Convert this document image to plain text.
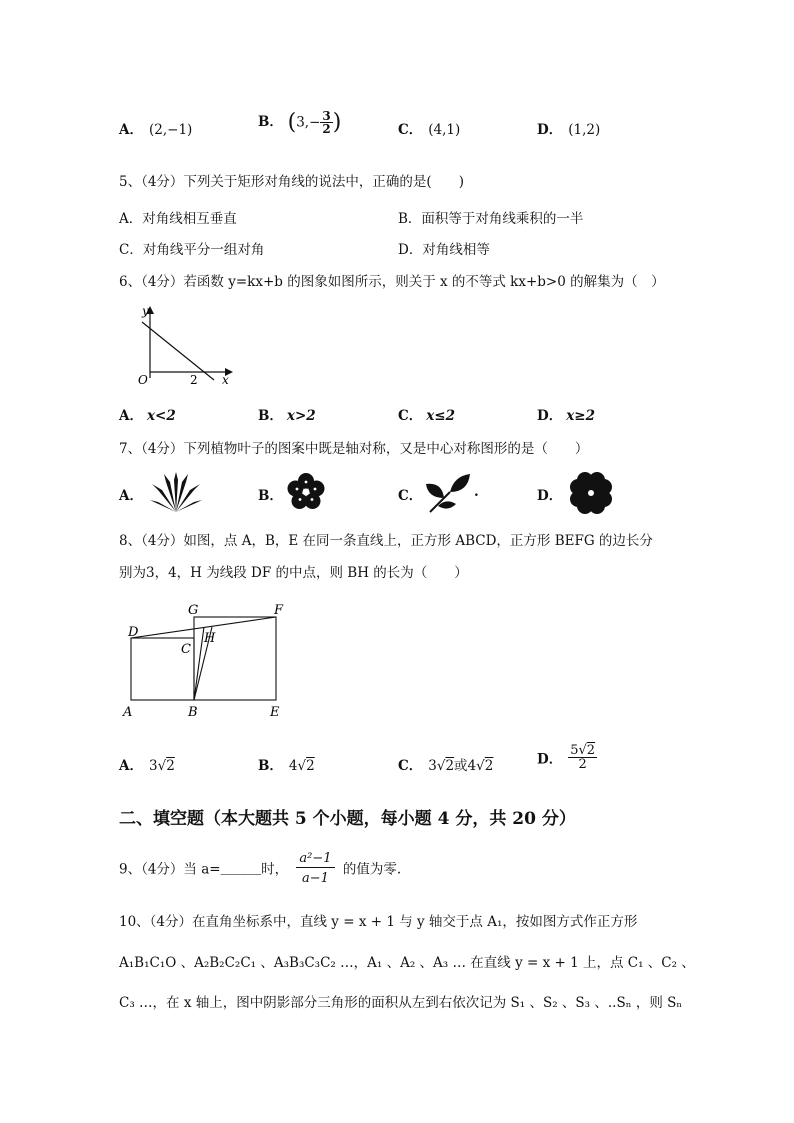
A． (2,−1)	B． ($3,- \frac{3}{2}$ )	C． (4,1)	D． (1,2)
5、（4分）下列关于矩形对角线的说法中，正确的是(　　)
A．对角线相互垂直	B．面积等于对角线乘积的一半
C．对角线平分一组对角	D．对角线相等
6、（4分）若函数 y=kx+b 的图象如图所示，则关于 x 的不等式 kx+b>0 的解集为（　）
y
x
O	2
A． x<2	B． x>2	C． x≤2	D． x≥2
7、（4分）下列植物叶子的图案中既是轴对称，又是中心对称图形的是（　　）
A．	B．	C．	.	D．
8、（4分）如图，点 A，B，E 在同一条直线上，正方形 ABCD，正方形 BEFG 的边长分
别为3，4，H 为线段 DF 的中点，则 BH 的长为（　　）
D
G	F
H
C
A	B	E
A． 3√2	B． 4√2	C． 3√2或4√2	D． $\frac{5√2}{2}$
二、填空题（本大题共 5 个小题，每小题 4 分，共 20 分）
9、（4分）当 a=______时， $\frac{\text{a²−1}}{a-1}$ 的值为零.
10、（4分）在直角坐标系中，直线 y = x + 1 与 y 轴交于点 A₁，按如图方式作正方形
A₁B₁C₁O 、A₂B₂C₂C₁ 、A₃B₃C₃C₂ …，A₁ 、A₂ 、A₃ … 在直线 y = x + 1 上，点 C₁ 、C₂ 、
C₃ …，在 x 轴上，图中阴影部分三角形的面积从左到右依次记为 S₁ 、S₂ 、S₃ 、..Sₙ ，则 Sₙ
